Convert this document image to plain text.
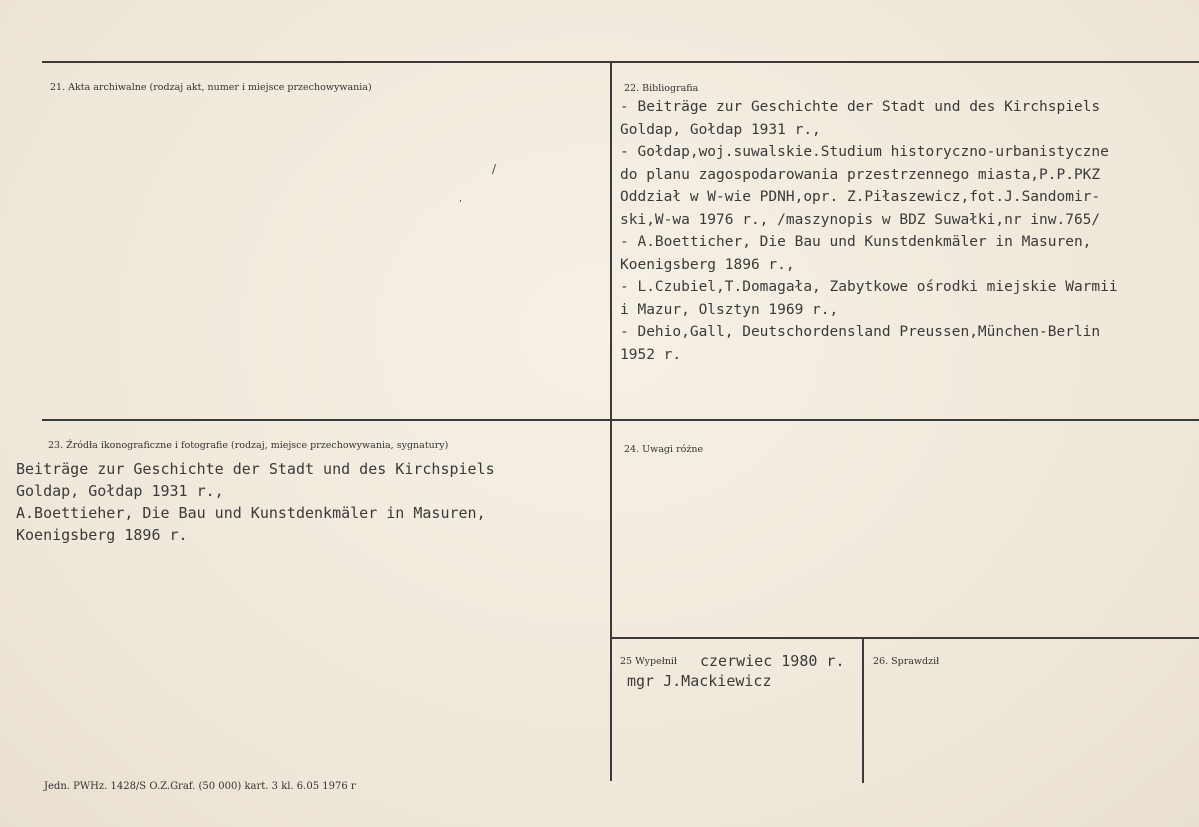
21. Akta archiwalne (rodzaj akt, numer i miejsce przechowywania)	22. Bibliografia
23. Źródła ikonograficzne i fotografie (rodzaj, miejsce przechowywania, sygnatury)	24. Uwagi różne
25 Wypełnił	26. Sprawdził
\
,
- Beiträge zur Geschichte der Stadt und des Kirchspiels
Goldap, Gołdap 1931 r.,
- Gołdap,woj.suwalskie.Studium historyczno-urbanistyczne
do planu zagospodarowania przestrzennego miasta,P.P.PKZ
Oddział w W-wie PDNH,opr. Z.Piłaszewicz,fot.J.Sandomir-
ski,W-wa 1976 r., /maszynopis w BDZ Suwałki,nr inw.765/
- A.Boetticher, Die Bau und Kunstdenkmäler in Masuren,
Koenigsberg 1896 r.,
- L.Czubiel,T.Domagała, Zabytkowe ośrodki miejskie Warmii
i Mazur, Olsztyn 1969 r.,
- Dehio,Gall, Deutschordensland Preussen,München-Berlin
1952 r.
Beiträge zur Geschichte der Stadt und des Kirchspiels
Goldap, Gołdap 1931 r.,
A.Boettieher, Die Bau und Kunstdenkmäler in Masuren,
Koenigsberg 1896 r.
czerwiec 1980 r.
mgr J.Mackiewicz
Jedn. PWHz. 1428/S O.Z.Graf. (50 000) kart. 3 kl. 6.05 1976 r
